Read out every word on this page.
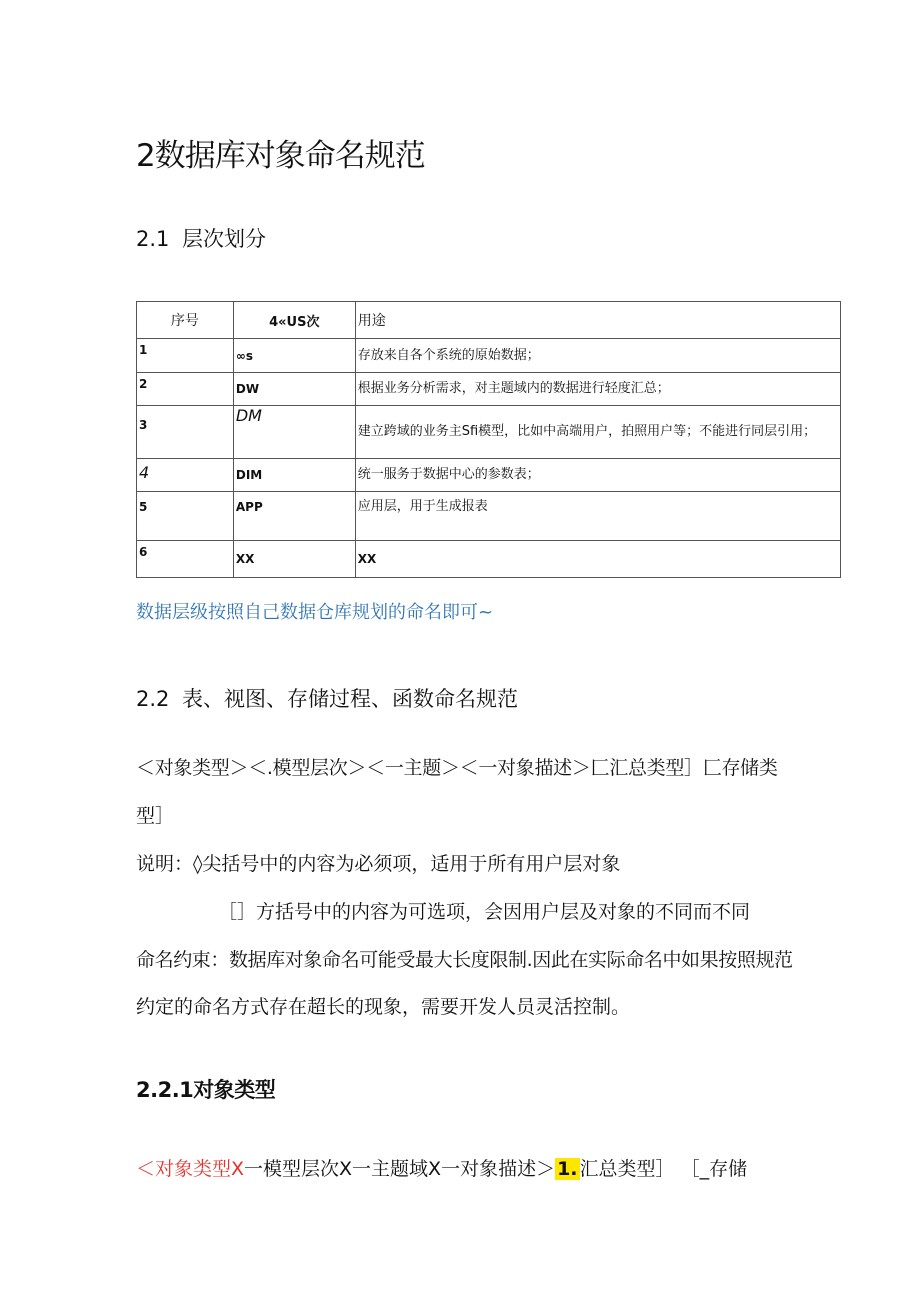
2数据库对象命名规范
2.1 层次划分
序号	4«US次	用途
1	∞s	存放来自各个系统的原始数据；
2	DW	根据业务分析需求，对主题域内的数据进行轻度汇总；
3	DM	建立跨域的业务主Sfi模型，比如中高端用户，拍照用户等；不能进行同层引用；
4	DIM	统一服务于数据中心的参数表；
5	APP	应用层，用于生成报表
6	XX	XX
数据层级按照自己数据仓库规划的命名即可~
2.2 表、视图、存储过程、函数命名规范
＜对象类型＞＜.模型层次＞＜一主题＞＜一对象描述＞匚汇总类型］匚存储类
型］
说明：◊尖括号中的内容为必须项，适用于所有用户层对象
［］方括号中的内容为可选项，会因用户层及对象的不同而不同
命名约束：数据库对象命名可能受最大长度限制.因此在实际命名中如果按照规范
约定的命名方式存在超长的现象，需要开发人员灵活控制。
2.2.1对象类型
＜对象类型X一模型层次X一主题域X一对象描述＞ 1. 汇总类型］ ［_存储
